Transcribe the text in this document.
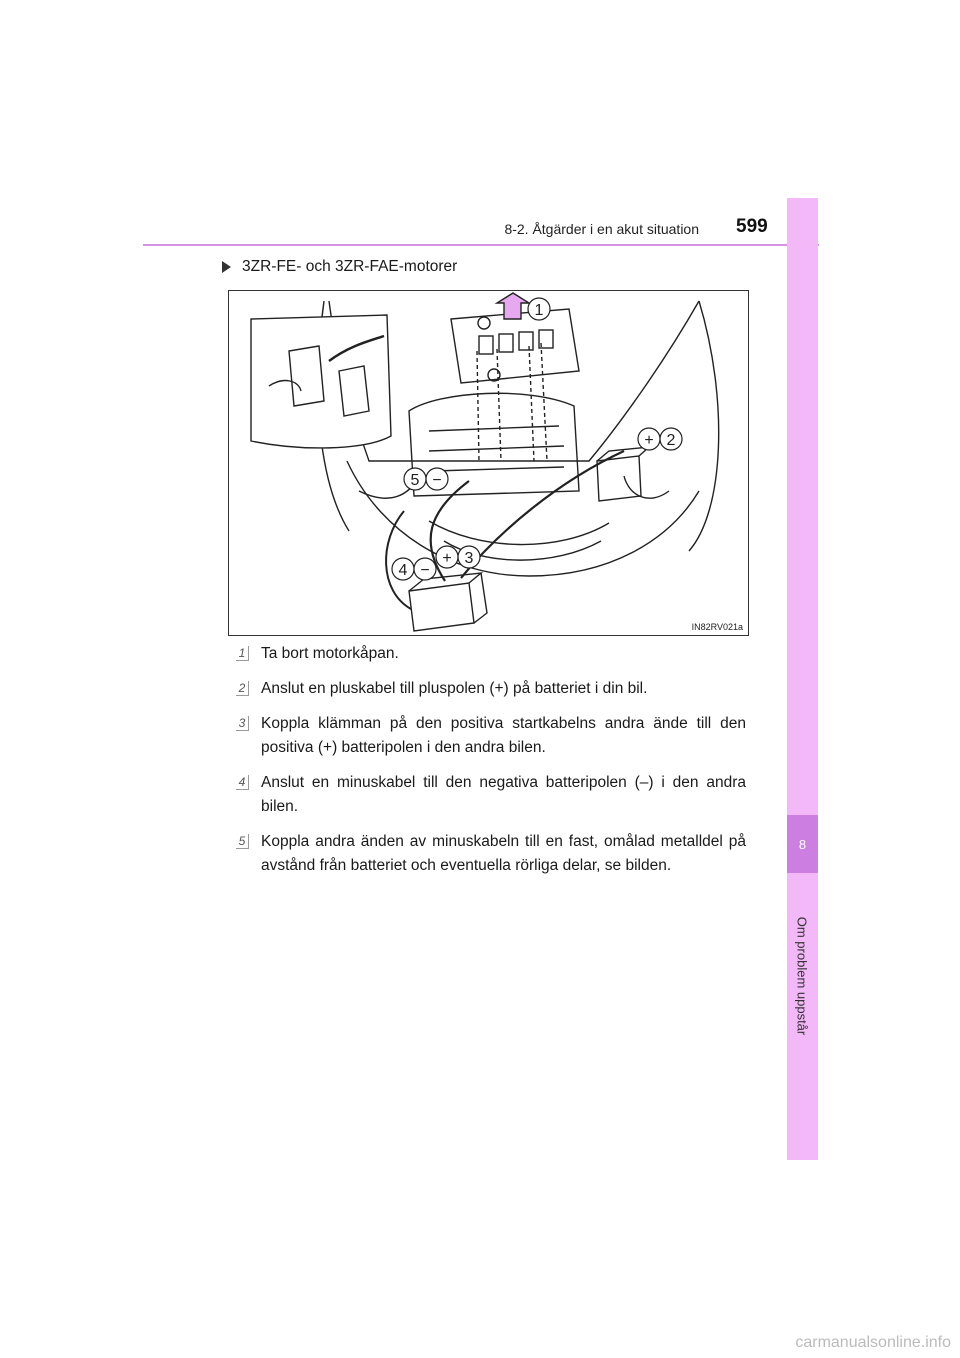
8-2. Åtgärder i en akut situation 599
8
Om problem uppstår
3ZR-FE- och 3ZR-FAE-motorer
1
+ 2
+ 3
4 −
5 −
IN82RV021a
1 Ta bort motorkåpan.
2 Anslut en pluskabel till pluspolen (+) på batteriet i din bil.
3 Koppla klämman på den positiva startkabelns andra ände till den positiva (+) batteripolen i den andra bilen.
4 Anslut en minuskabel till den negativa batteripolen (–) i den andra bilen.
5 Koppla andra änden av minuskabeln till en fast, omålad metalldel på avstånd från batteriet och eventuella rörliga delar, se bilden.
carmanualsonline.info
